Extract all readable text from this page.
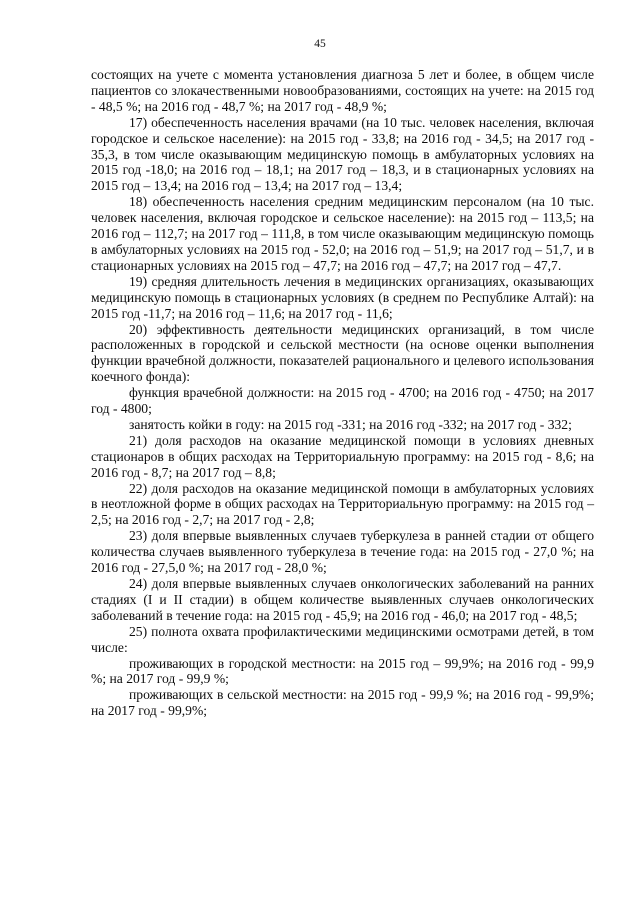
45

состоящих на учете с момента установления диагноза 5 лет и более, в общем числе пациентов со злокачественными новообразованиями, состоящих на учете: на 2015 год - 48,5 %; на 2016 год - 48,7 %; на 2017 год - 48,9 %;

17) обеспеченность населения врачами (на 10 тыс. человек населения, включая городское и сельское население): на 2015 год - 33,8; на 2016 год - 34,5; на 2017 год - 35,3, в том числе оказывающим медицинскую помощь в амбулаторных условиях на 2015 год -18,0; на 2016 год – 18,1; на 2017 год – 18,3, и в стационарных условиях на 2015 год – 13,4; на 2016 год – 13,4; на 2017 год – 13,4;

18) обеспеченность населения средним медицинским персоналом (на 10 тыс. человек населения, включая городское и сельское население): на 2015 год – 113,5; на 2016 год – 112,7; на 2017 год – 111,8, в том числе оказывающим медицинскую помощь в амбулаторных условиях на 2015 год - 52,0; на 2016 год – 51,9; на 2017 год – 51,7, и в стационарных условиях на 2015 год – 47,7; на 2016 год – 47,7; на 2017 год – 47,7.

19) средняя длительность лечения в медицинских организациях, оказывающих медицинскую помощь в стационарных условиях (в среднем по Республике Алтай): на 2015 год -11,7; на 2016 год – 11,6; на 2017 год - 11,6;

20) эффективность деятельности медицинских организаций, в том числе расположенных в городской и сельской местности (на основе оценки выполнения функции врачебной должности, показателей рационального и целевого использования коечного фонда):

функция врачебной должности: на 2015 год - 4700; на 2016 год - 4750; на 2017 год - 4800;

занятость койки в году: на 2015 год -331; на 2016 год -332; на 2017 год - 332;

21) доля расходов на оказание медицинской помощи в условиях дневных стационаров в общих расходах на Территориальную программу: на 2015 год - 8,6; на 2016 год - 8,7; на 2017 год – 8,8;

22) доля расходов на оказание медицинской помощи в амбулаторных условиях в неотложной форме в общих расходах на Территориальную программу: на 2015 год – 2,5; на 2016 год - 2,7; на 2017 год - 2,8;

23) доля впервые выявленных случаев туберкулеза в ранней стадии от общего количества случаев выявленного туберкулеза в течение года: на 2015 год - 27,0 %; на 2016 год - 27,5,0 %; на 2017 год - 28,0 %;

24) доля впервые выявленных случаев онкологических заболеваний на ранних стадиях (I и II стадии) в общем количестве выявленных случаев онкологических заболеваний в течение года: на 2015 год - 45,9; на 2016 год - 46,0; на 2017 год - 48,5;

25) полнота охвата профилактическими медицинскими осмотрами детей, в том числе:

проживающих в городской местности: на 2015 год – 99,9%; на 2016 год - 99,9 %; на 2017 год - 99,9 %;

проживающих в сельской местности: на 2015 год - 99,9 %; на 2016 год - 99,9%; на 2017 год - 99,9%;
